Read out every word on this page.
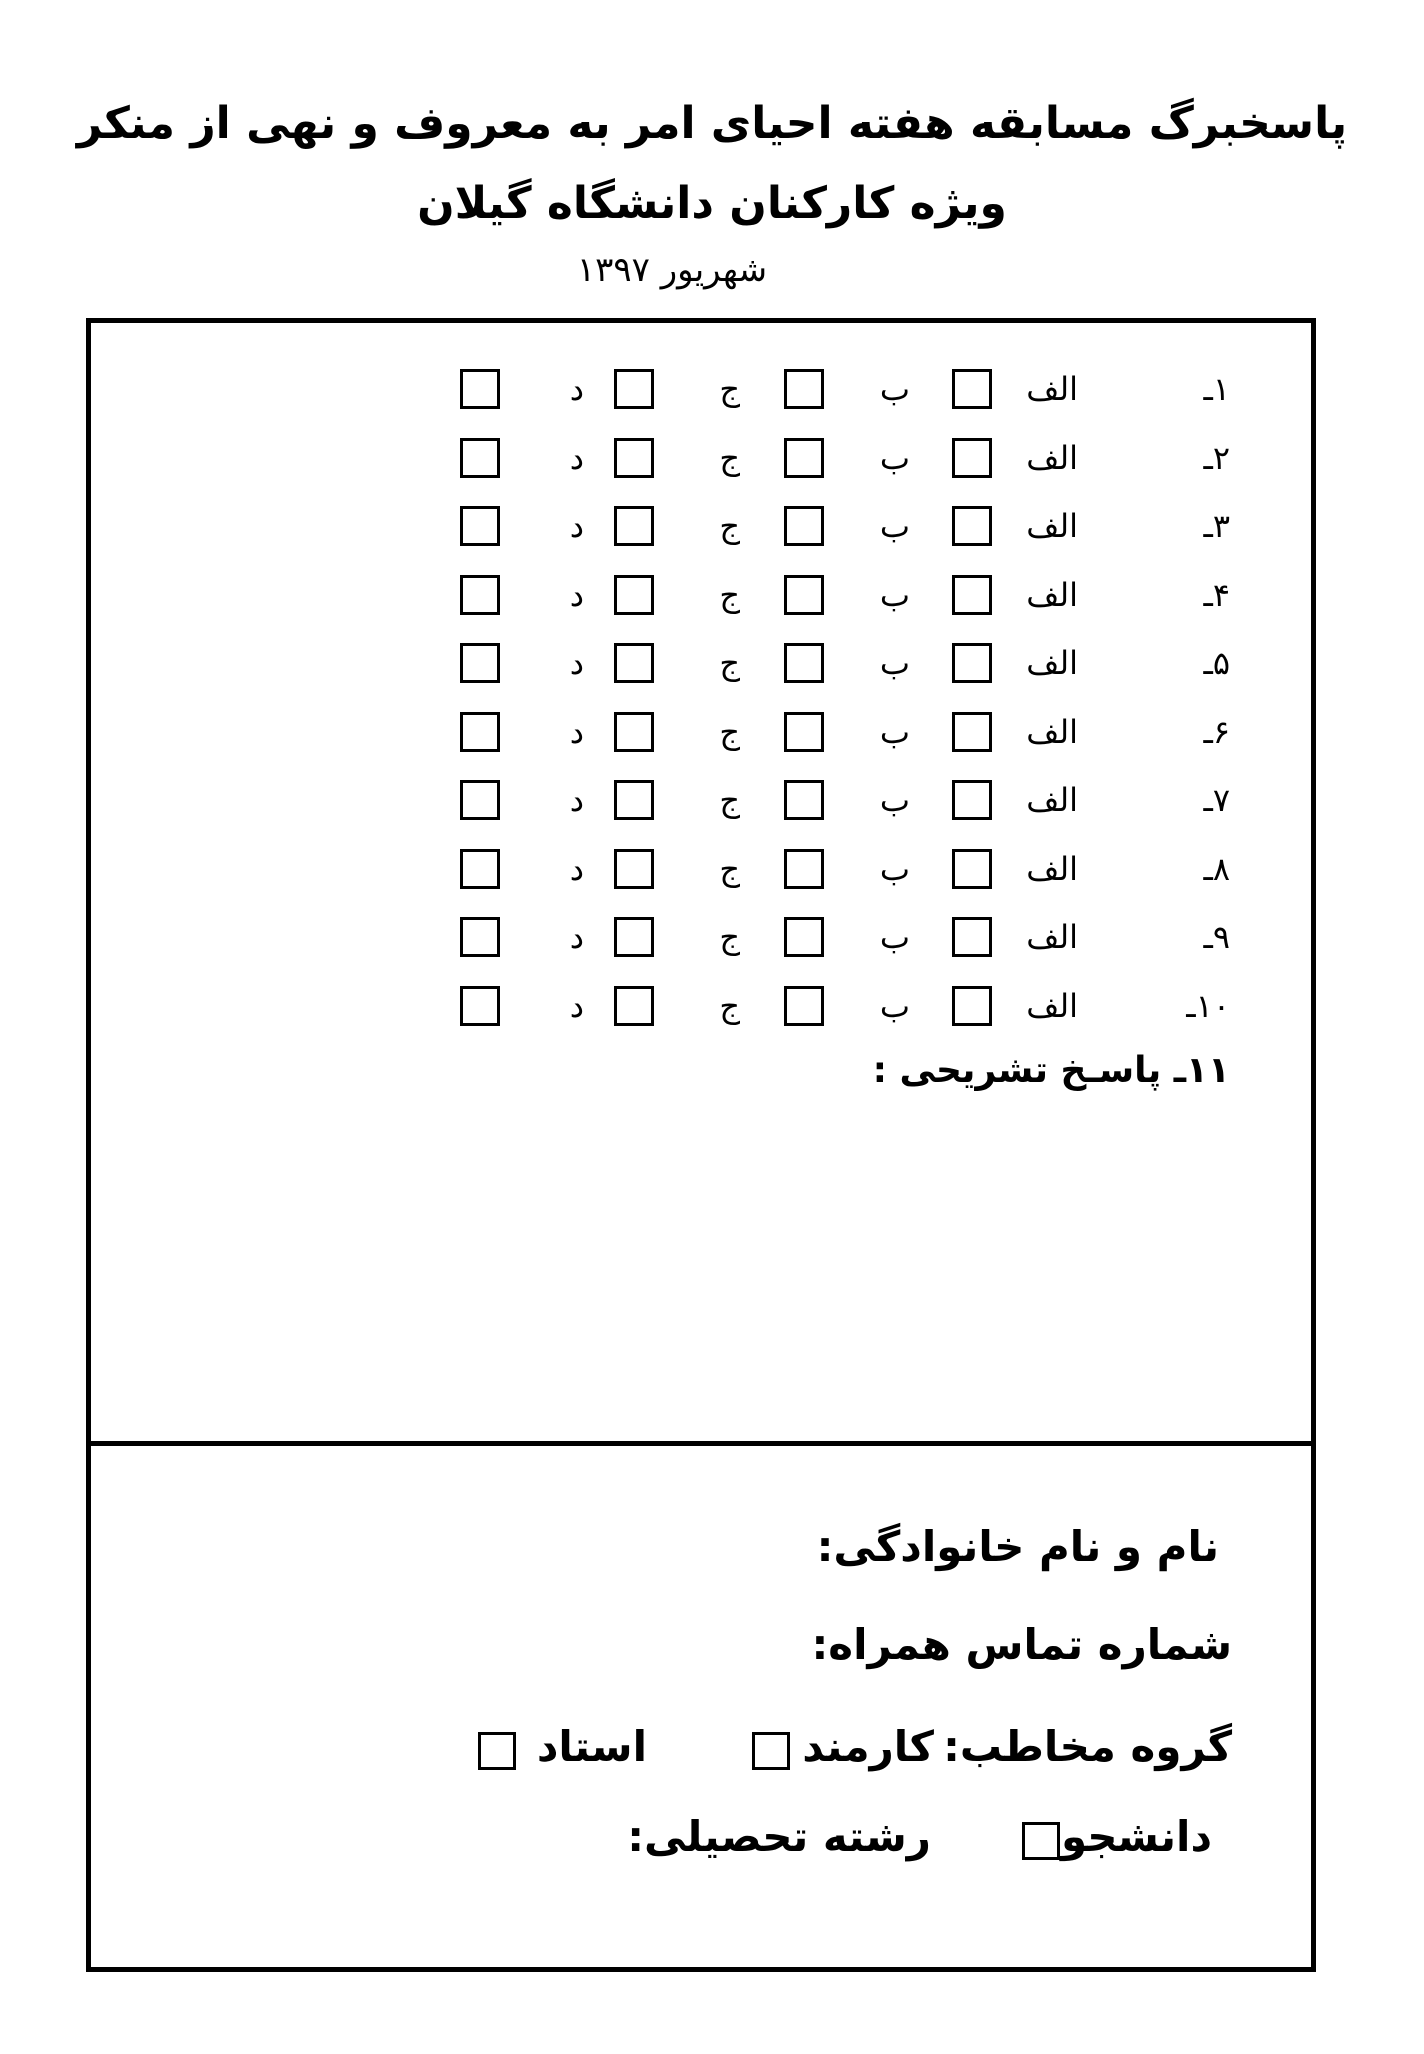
پاسخبرگ مسابقه هفته احیای امر به معروف و نهی از منکر
ویژه کارکنان دانشگاه گیلان
شهریور ۱۳۹۷
۱ـ
الف
ب
ج
د
۲ـ
الف
ب
ج
د
۳ـ
الف
ب
ج
د
۴ـ
الف
ب
ج
د
۵ـ
الف
ب
ج
د
۶ـ
الف
ب
ج
د
۷ـ
الف
ب
ج
د
۸ـ
الف
ب
ج
د
۹ـ
الف
ب
ج
د
۱۰ـ
الف
ب
ج
د
۱۱ـ پاسـخ تشریحی :
نام و نام خانوادگی:
شماره تماس همراه:
گروه مخاطب:
کارمند
استاد
دانشجو
رشته تحصیلی:
